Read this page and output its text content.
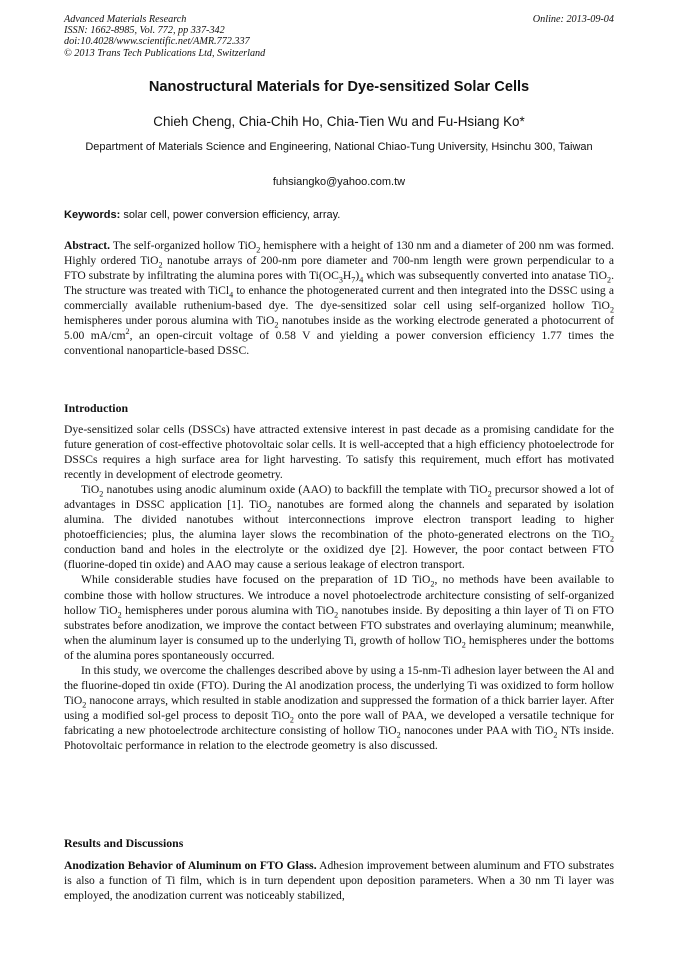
Advanced Materials Research
ISSN: 1662-8985, Vol. 772, pp 337-342
doi:10.4028/www.scientific.net/AMR.772.337
© 2013 Trans Tech Publications Ltd, Switzerland
Online: 2013-09-04
Nanostructural Materials for Dye-sensitized Solar Cells
Chieh Cheng, Chia-Chih Ho, Chia-Tien Wu and Fu-Hsiang Ko*
Department of Materials Science and Engineering, National Chiao-Tung University, Hsinchu 300, Taiwan
fuhsiangko@yahoo.com.tw
Keywords: solar cell, power conversion efficiency, array.

Abstract. The self-organized hollow TiO$_2$ hemisphere with a height of 130 nm and a diameter of 200 nm was formed. Highly ordered TiO$_2$ nanotube arrays of 200-nm pore diameter and 700-nm length were grown perpendicular to a FTO substrate by infiltrating the alumina pores with $Ti(OC_3H_7)_4$ which was subsequently converted into anatase TiO$_2$. The structure was treated with TiCl$_4$ to enhance the photogenerated current and then integrated into the DSSC using a commercially available ruthenium-based dye. The dye-sensitized solar cell using self-organized hollow TiO$_2$ hemispheres under porous alumina with TiO$_2$ nanotubes inside as the working electrode generated a photocurrent of 5.00 $mA/cm^2$, an open-circuit voltage of 0.58 V and yielding a power conversion efficiency 1.77 times the conventional nanoparticle-based DSSC.

Introduction

Dye-sensitized solar cells (DSSCs) have attracted extensive interest in past decade as a promising candidate for the future generation of cost-effective photovoltaic solar cells. It is well-accepted that a high efficiency photoelectrode for DSSCs requires a high surface area for light harvesting. To satisfy this requirement, much effort has motivated recently in development of electrode geometry.

TiO$_2$ nanotubes using anodic aluminum oxide (AAO) to backfill the template with TiO$_2$ precursor showed a lot of advantages in DSSC application [1]. TiO$_2$ nanotubes are formed along the channels and separated by isolation alumina. The divided nanotubes without interconnections improve electron transport leading to higher photoefficiencies; plus, the alumina layer slows the recombination of the photo-generated electrons on the TiO$_2$ conduction band and holes in the electrolyte or the oxidized dye [2]. However, the poor contact between FTO (fluorine-doped tin oxide) and AAO may cause a serious leakage of electron transport.

While considerable studies have focused on the preparation of 1D TiO$_2$, no methods have been available to combine those with hollow structures. We introduce a novel photoelectrode architecture consisting of self-organized hollow TiO$_2$ hemispheres under porous alumina with TiO$_2$ nanotubes inside. By depositing a thin layer of Ti on FTO substrates before anodization, we improve the contact between FTO substrates and overlaying aluminum; meanwhile, when the aluminum layer is consumed up to the underlying Ti, growth of hollow TiO$_2$ hemispheres under the bottoms of the alumina pores spontaneously occurred.

In this study, we overcome the challenges described above by using a 15-nm-Ti adhesion layer between the Al and the fluorine-doped tin oxide (FTO). During the Al anodization process, the underlying Ti was oxidized to form hollow TiO$_2$ nanocone arrays, which resulted in stable anodization and suppressed the formation of a thick barrier layer. After using a modified sol-gel process to deposit TiO$_2$ onto the pore wall of PAA, we developed a versatile technique for fabricating a new photoelectrode architecture consisting of hollow TiO$_2$ nanocones under PAA with TiO$_2$ NTs inside. Photovoltaic performance in relation to the electrode geometry is also discussed.

Results and Discussions

Anodization Behavior of Aluminum on FTO Glass. Adhesion improvement between aluminum and FTO substrates is also a function of Ti film, which is in turn dependent upon deposition parameters. When a 30 nm Ti layer was employed, the anodization current was noticeably stabilized,
